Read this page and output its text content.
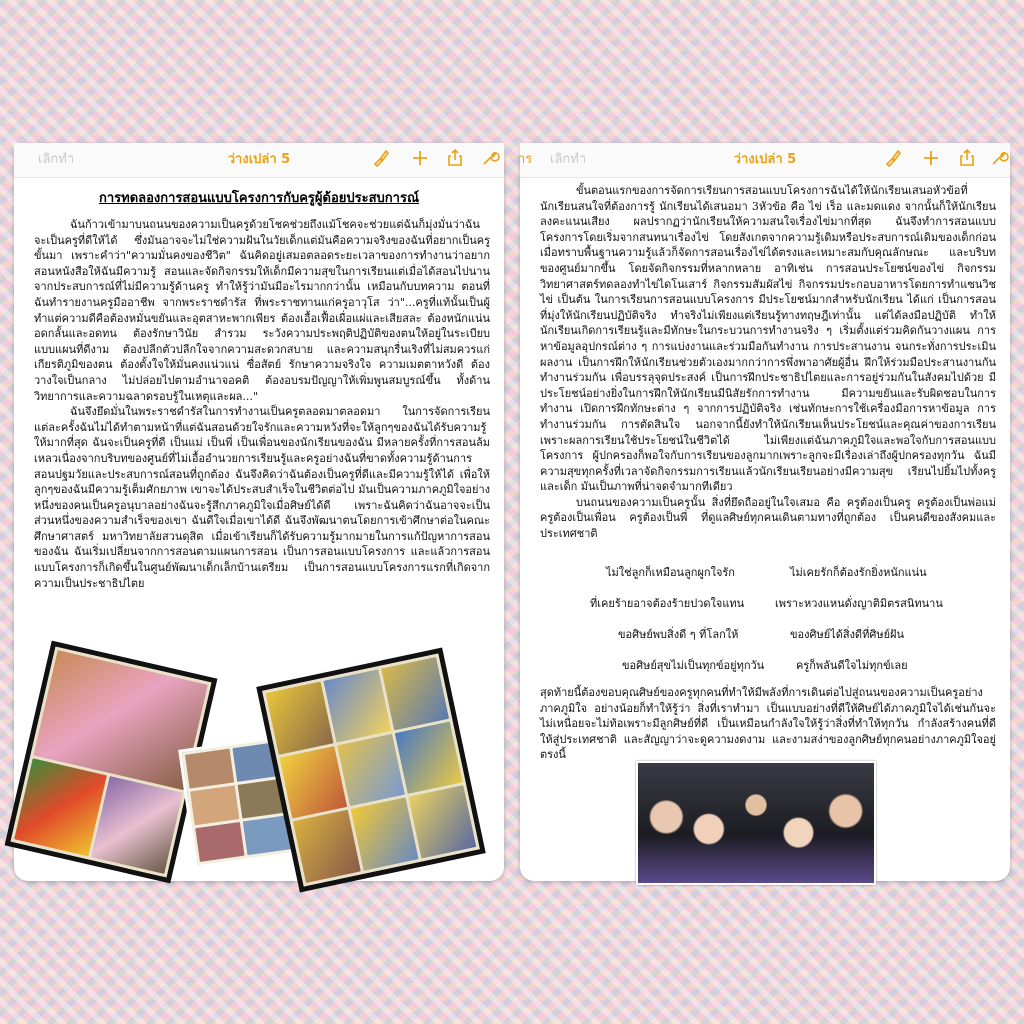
เลิกทำ	ว่างเปล่า 5
การทดลองการสอนแบบโครงการกับครูผู้ด้อยประสบการณ์

ฉันก้าวเข้ามาบนถนนของความเป็นครูด้วยโชคช่วยถึงแม้โชคจะช่วยแต่ฉันก็มุ่งมั่นว่าฉันจะเป็นครูที่ดีให้ได้ ซึ่งมันอาจจะไม่ใช่ความฝันในวัยเด็กแต่มันคือความจริงของฉันที่อยากเป็นครูขั้นมา เพราะคำว่า"ความมั่นคงของชีวิต" ฉันคิดอยู่เสมอตลอดระยะเวลาของการทำงานว่าอยากสอนหนังสือให้ฉันมีความรู้ สอนและจัดกิจกรรมให้เด็กมีความสุขในการเรียนแต่เมื่อได้สอนไปนานจากประสบการณ์ที่ไม่มีความรู้ด้านครู ทำให้รู้ว่ามันมีอะไรมากกว่านั้น เหมือนกับบทความ ตอนที่ฉันทำรายงานครูมืออาชีพ จากพระราชดำรัส ที่พระราชทานแก่ครูอาวุโส ว่า"...ครูที่แท้นั้นเป็นผู้ทำแต่ความดีคือต้องหมั่นขยันและอุตสาหะพากเพียร ต้องเอื้อเฟื้อเผื่อแผ่และเสียสละ ต้องหนักแน่นอดกลั้นและอดทน ต้องรักษาวินัย สำรวม ระวังความประพฤติปฏิบัติของตนให้อยู่ในระเบียบแบบแผนที่ดีงาม ต้องปลีกตัวปลีกใจจากความสะดวกสบาย และความสนุกรื่นเริงที่ไม่สมควรแก่เกียรติภูมิของตน ต้องตั้งใจให้มั่นคงแน่วแน่ ซื่อสัตย์ รักษาความจริงใจ ความเมตตาหวังดี ต้องวางใจเป็นกลาง ไม่ปล่อยไปตามอำนาจอคติ ต้องอบรมปัญญาให้เพิ่มพูนสมบูรณ์ขึ้น ทั้งด้านวิทยาการและความฉลาดรอบรู้ในเหตุและผล..."

ฉันจึงยึดมั่นในพระราชดำรัสในการทำงานเป็นครูตลอดมาตลอดมา ในการจัดการเรียนแต่ละครั้งฉันไม่ได้ทำตามหน้าที่แต่ฉันสอนด้วยใจรักและความหวังที่จะให้ลูกๆของฉันได้รับความรู้ให้มากที่สุด ฉันจะเป็นครูที่ดี เป็นแม่ เป็นพี่ เป็นเพื่อนของนักเรียนของฉัน มีหลายครั้งที่การสอนล้มเหลวเนื่องจากบริบทของศูนย์ที่ไม่เอื้ออำนวยการเรียนรู้และครูอย่างฉันที่ขาดทั้งความรู้ด้านการสอนปฐมวัยและประสบการณ์สอนที่ถูกต้อง ฉันจึงคิดว่าฉันต้องเป็นครูที่ดีและมีความรู้ให้ได้ เพื่อให้ลูกๆของฉันมีความรู้เต็มศักยภาพ เขาจะได้ประสบสำเร็จในชีวิตต่อไป มันเป็นความภาคภูมิใจอย่างหนึ่งของคนเป็นครูอนุบาลอย่างฉันจะรู้สึกภาคภูมิใจเมื่อศิษย์ได้ดี เพราะฉันคิดว่าฉันอาจจะเป็นส่วนหนึ่งของความสำเร็จของเขา ฉันดีใจเมื่อเขาได้ดี ฉันจึงพัฒนาตนโดยการเข้าศึกษาต่อในคณะศึกษาศาสตร์ มหาวิทยาลัยสวนดุสิต เมื่อเข้าเรียนก็ได้รับความรู้มากมายในการแก้ปัญหาการสอนของฉัน ฉันเริ่มเปลี่ยนจากการสอนตามแผนการสอน เป็นการสอนแบบโครงการ และแล้วการสอนแบบโครงการก็เกิดขึ้นในศูนย์พัฒนาเด็กเล็กบ้านเตรียม เป็นการสอนแบบโครงการแรกที่เกิดจากความเป็นประชาธิปไตย

าร เลิกทำ	ว่างเปล่า 5

ขั้นตอนแรกของการจัดการเรียนการสอนแบบโครงการฉันได้ให้นักเรียนเสนอหัวข้อที่นักเรียนสนใจที่ต้องการรู้ นักเรียนได้เสนอมา 3หัวข้อ คือ ไข่ เร็อ และมดแดง จากนั้นก็ให้นักเรียนลงคะแนนเสียง ผลปรากฏว่านักเรียนให้ความสนใจเรื่องไข่มากที่สุด ฉันจึงทำการสอนแบบโครงการโดยเริ่มจากสนทนาเรื่องไข่ โดยสังเกตจากความรู้เดิมหรือประสบการณ์เดิมของเด็กก่อน เมื่อทราบพื้นฐานความรู้แล้วก็จัดการสอนเรื่องไข่ได้ตรงและเหมาะสมกับคุณลักษณะ และบริบทของศูนย์มากขึ้น โดยจัดกิจกรรมที่หลากหลาย อาทิเช่น การสอนประโยชน์ของไข่ กิจกรรมวิทยาศาสตร์ทดลองทำไข่ไดโนเสาร์ กิจกรรมสัมผัสไข่ กิจกรรมประกอบอาหารโดยการทำแซนวิชไข่ เป็นต้น ในการเรียนการสอนแบบโครงการ มีประโยชน์มากสำหรับนักเรียน ได้แก่ เป็นการสอนที่มุ่งให้นักเรียนปฏิบัติจริง ทำจริงไม่เพียงแต่เรียนรู้ทางทฤษฎีเท่านั้น แต่ได้ลงมือปฏิบัติ ทำให้นักเรียนเกิดการเรียนรู้และมีทักษะในกระบวนการทำงานจริง ๆ เริ่มตั้งแต่ร่วมคิดกันวางแผน การหาข้อมูลอุปกรณ์ต่าง ๆ การแบ่งงานและร่วมมือกันทำงาน การประสานงาน จนกระทั่งการประเมินผลงาน เป็นการฝึกให้นักเรียนช่วยตัวเองมากกว่าการพึ่งพาอาศัยผู้อื่น ฝึกให้ร่วมมือประสานงานกัน ทำงานร่วมกัน เพื่อบรรลุจุดประสงค์ เป็นการฝึกประชาธิปไตยและการอยู่ร่วมกันในสังคมไปด้วย มีประโยชน์อย่างยิ่งในการฝึกให้นักเรียนมีนิสัยรักการทำงาน มีความขยันและรับผิดชอบในการทำงาน เปิดการฝึกทักษะต่าง ๆ จากการปฏิบัติจริง เช่นทักษะการใช้เครื่องมือการหาข้อมูล การทำงานร่วมกัน การตัดสินใจ นอกจากนี้ยังทำให้นักเรียนเห็นประโยชน์และคุณค่าของการเรียน เพราะผลการเรียนใช้ประโยชน์ในชีวิตได้ ไม่เพียงแต่ฉันภาคภูมิใจและพอใจกับการสอนแบบโครงการ ผู้ปกครองก็พอใจกับการเรียนของลูกมากเพราะลูกจะมีเรื่องเล่าถึงผู้ปกครองทุกวัน ฉันมีความสุขทุกครั้งที่เวลาจัดกิจกรรมการเรียนแล้วนักเรียนเรียนอย่างมีความสุข เรียนไปยิ้มไปทั้งครูและเด็ก มันเป็นภาพที่น่าจดจำมากทีเดียว

บนถนนของความเป็นครูนั้น สิ่งที่ยึดถืออยู่ในใจเสมอ คือ ครูต้องเป็นครู ครูต้องเป็นพ่อแม่ ครูต้องเป็นเพื่อน ครูต้องเป็นพี่ ที่ดูแลศิษย์ทุกคนเดินตามทางที่ถูกต้อง เป็นคนดีของสังคมและประเทศชาติ

ไม่ใช่ลูกก็เหมือนลูกผูกใจรัก	ไม่เคยรักก็ต้องรักยิ่งหนักแน่น
ที่เคยร้ายอาจต้องร้ายปวดใจแทน	เพราะหวงแหนดั่งญาติมิตรสนิทนาน
ขอศิษย์พบสิ่งดี ๆ ที่โลกให้	ของศิษย์ได้สิ่งดีที่ศิษย์ฝัน
ขอศิษย์สุขไม่เป็นทุกข์อยู่ทุกวัน	ครูก็พลันดีใจไม่ทุกข์เลย

สุดท้ายนี้ต้องขอบคุณศิษย์ของครูทุกคนที่ทำให้มีพลังที่การเดินต่อไปสู่ถนนของความเป็นครูอย่างภาคภูมิใจ อย่างน้อยก็ทำให้รู้ว่า สิ่งที่เราทำมา เป็นแบบอย่างที่ดีให้ศิษย์ได้ภาคภูมิใจได้เช่นกันจะไม่เหนื่อยจะไม่ท้อเพราะมีลูกศิษย์ที่ดี เป็นเหมือนกำลังใจให้รู้ว่าสิ่งที่ทำให้ทุกวัน กำลังสร้างคนที่ดีให้สู่ประเทศชาติ และสัญญาว่าจะดูความงดงาม และงามสง่าของลูกศิษย์ทุกคนอย่างภาคภูมิใจอยู่ตรงนี้
